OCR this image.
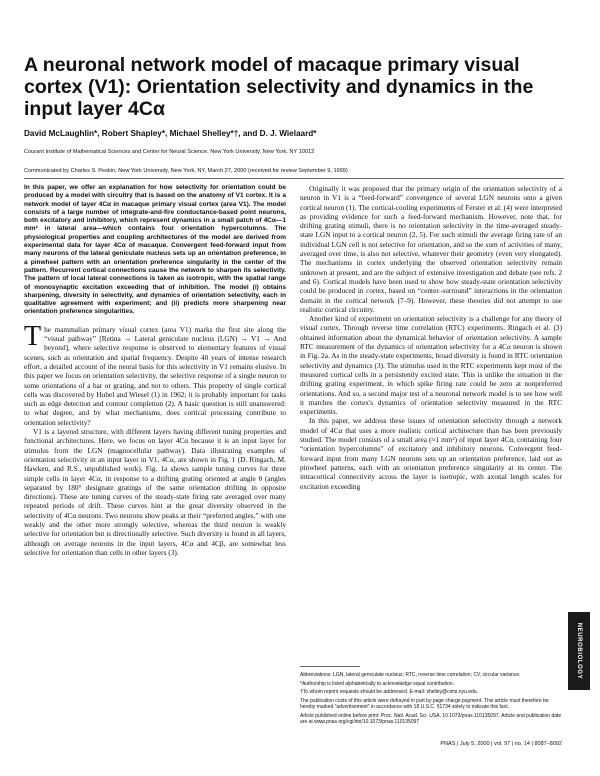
A neuronal network model of macaque primary visual cortex (V1): Orientation selectivity and dynamics in the input layer 4Cα
David McLaughlin*, Robert Shapley*, Michael Shelley*†, and D. J. Wielaard*
Courant Institute of Mathematical Sciences and Center for Neural Science, New York University, New York, NY 10012
Communicated by Charles S. Peskin, New York University, New York, NY, March 27, 2000 (received for review September 9, 1999)

In this paper, we offer an explanation for how selectivity for orientation could be produced by a model with circuitry that is based on the anatomy of V1 cortex. It is a network model of layer 4Cα in macaque primary visual cortex (area V1). The model consists of a large number of integrate-and-fire conductance-based point neurons, both excitatory and inhibitory, which represent dynamics in a small patch of 4Cα—1 mm² in lateral area—which contains four orientation hypercolumns. The physiological properties and coupling architectures of the model are derived from experimental data for layer 4Cα of macaque. Convergent feed-forward input from many neurons of the lateral geniculate nucleus sets up an orientation preference, in a pinwheel pattern with an orientation preference singularity in the center of the pattern. Recurrent cortical connections cause the network to sharpen its selectivity. The pattern of local lateral connections is taken as isotropic, with the spatial range of monosynaptic excitation exceeding that of inhibition. The model (i) obtains sharpening, diversity in selectivity, and dynamics of orientation selectivity, each in qualitative agreement with experiment; and (ii) predicts more sharpening near orientation preference singularities.

The mammalian primary visual cortex (area V1) marks the first site along the “visual pathway” [Retina → Lateral geniculate nucleus (LGN) → V1 → And beyond], where selective response is observed to elementary features of visual scenes, such as orientation and spatial frequency. Despite 40 years of intense research effort, a detailed account of the neural basis for this selectivity in V1 remains elusive. In this paper we focus on orientation selectivity, the selective response of a single neuron to some orientations of a bar or grating, and not to others. This property of single cortical cells was discovered by Hubel and Wiesel (1) in 1962; it is probably important for tasks such as edge detection and contour completion (2). A basic question is still unanswered: to what degree, and by what mechanisms, does cortical processing contribute to orientation selectivity?

V1 is a layered structure, with different layers having different tuning properties and functional architectures. Here, we focus on layer 4Cα because it is an input layer for stimulus from the LGN (magnocellular pathway). Data illustrating examples of orientation selectivity in an input layer in V1, 4Cα, are shown in Fig. 1 (D. Ringach, M. Hawken, and R.S., unpublished work). Fig. 1a shows sample tuning curves for three simple cells in layer 4Cα, in response to a drifting grating oriented at angle θ (angles separated by 180° designate gratings of the same orientation drifting in opposite directions). These are tuning curves of the steady-state firing rate averaged over many repeated periods of drift. These curves hint at the great diversity observed in the selectivity of 4Cα neurons. Two neurons show peaks at their “preferred angles,” with one weakly and the other more strongly selective, whereas the third neuron is weakly selective for orientation but is directionally selective. Such diversity is found in all layers, although on average neurons in the input layers, 4Cα and 4Cβ, are somewhat less selective for orientation than cells in other layers (3).

Originally it was proposed that the primary origin of the orientation selectivity of a neuron in V1 is a “feed-forward” convergence of several LGN neurons onto a given cortical neuron (1). The cortical-cooling experiments of Ferster et al. (4) were interpreted as providing evidence for such a feed-forward mechanism. However, note that, for drifting grating stimuli, there is no orientation selectivity in the time-averaged steady-state LGN input to a cortical neuron (2, 5). For such stimuli the average firing rate of an individual LGN cell is not selective for orientation, and so the sum of activities of many, averaged over time, is also not selective, whatever their geometry (even very elongated). The mechanisms in cortex underlying the observed orientation selectivity remain unknown at present, and are the subject of extensive investigation and debate (see refs. 2 and 6). Cortical models have been used to show how steady-state orientation selectivity could be produced in cortex, based on “center–surround” interactions in the orientation domain in the cortical network (7–9). However, these theories did not attempt to use realistic cortical circuitry.

Another kind of experiment on orientation selectivity is a challenge for any theory of visual cortex. Through reverse time correlation (RTC) experiments, Ringach et al. (3) obtained information about the dynamical behavior of orientation selectivity. A sample RTC measurement of the dynamics of orientation selectivity for a 4Cα neuron is shown in Fig. 2a. As in the steady-state experiments, broad diversity is found in RTC orientation selectivity and dynamics (3). The stimulus used in the RTC experiments kept most of the measured cortical cells in a persistently excited state. This is unlike the situation in the drifting grating experiment, in which spike firing rate could be zero at nonpreferred orientations. And so, a second major test of a neuronal network model is to see how well it matches the cortex's dynamics of orientation selectivity measured in the RTC experiments.

In this paper, we address these issues of orientation selectivity through a network model of 4Cα that uses a more realistic cortical architecture than has been previously studied. The model consists of a small area (≈1 mm²) of input layer 4Cα, containing four “orientation hypercolumns” of excitatory and inhibitory neurons. Convergent feed-forward input from many LGN neurons sets up an orientation preference, laid out as pinwheel patterns, each with an orientation preference singularity at its center. The intracortical connectivity across the layer is isotropic, with axonal length scales for excitation exceeding

Abbreviations: LGN, lateral geniculate nucleus; RTC, reverse time correlation; CV, circular variance.

*Authorship is listed alphabetically to acknowledge equal contribution.

†To whom reprint requests should be addressed. E-mail: shelley@cims.nyu.edu.

The publication costs of this article were defrayed in part by page charge payment. This article must therefore be hereby marked “advertisement” in accordance with 18 U.S.C. §1734 solely to indicate this fact.

Article published online before print: Proc. Natl. Acad. Sci. USA, 10.1073/pnas.110135097. Article and publication date are at www.pnas.org/cgi/doi/10.1073/pnas.110135097

PNAS | July 5, 2000 | vol. 97 | no. 14 | 8087–8092
NEUROBIOLOGY
